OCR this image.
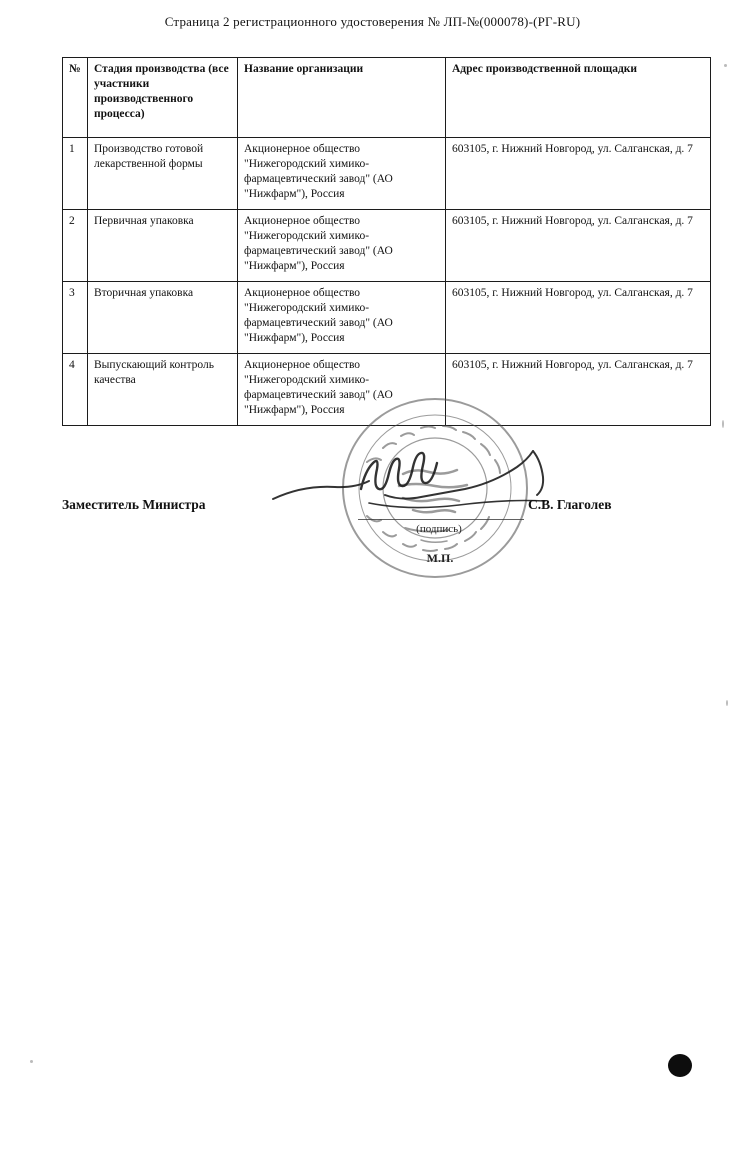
Страница 2 регистрационного удостоверения № ЛП-№(000078)-(РГ-RU)
№	Стадия производства (все участники производственного процесса)	Название организации	Адрес производственной площадки
1	Производство готовой лекарственной формы	Акционерное общество "Нижегородский химико-фармацевтический завод" (АО "Нижфарм"), Россия	603105, г. Нижний Новгород, ул. Салганская, д. 7
2	Первичная упаковка	Акционерное общество "Нижегородский химико-фармацевтический завод" (АО "Нижфарм"), Россия	603105, г. Нижний Новгород, ул. Салганская, д. 7
3	Вторичная упаковка	Акционерное общество "Нижегородский химико-фармацевтический завод" (АО "Нижфарм"), Россия	603105, г. Нижний Новгород, ул. Салганская, д. 7
4	Выпускающий контроль качества	Акционерное общество "Нижегородский химико-фармацевтический завод" (АО "Нижфарм"), Россия	603105, г. Нижний Новгород, ул. Салганская, д. 7
Заместитель Министра	С.В. Глаголев
(подпись)
М.П.
